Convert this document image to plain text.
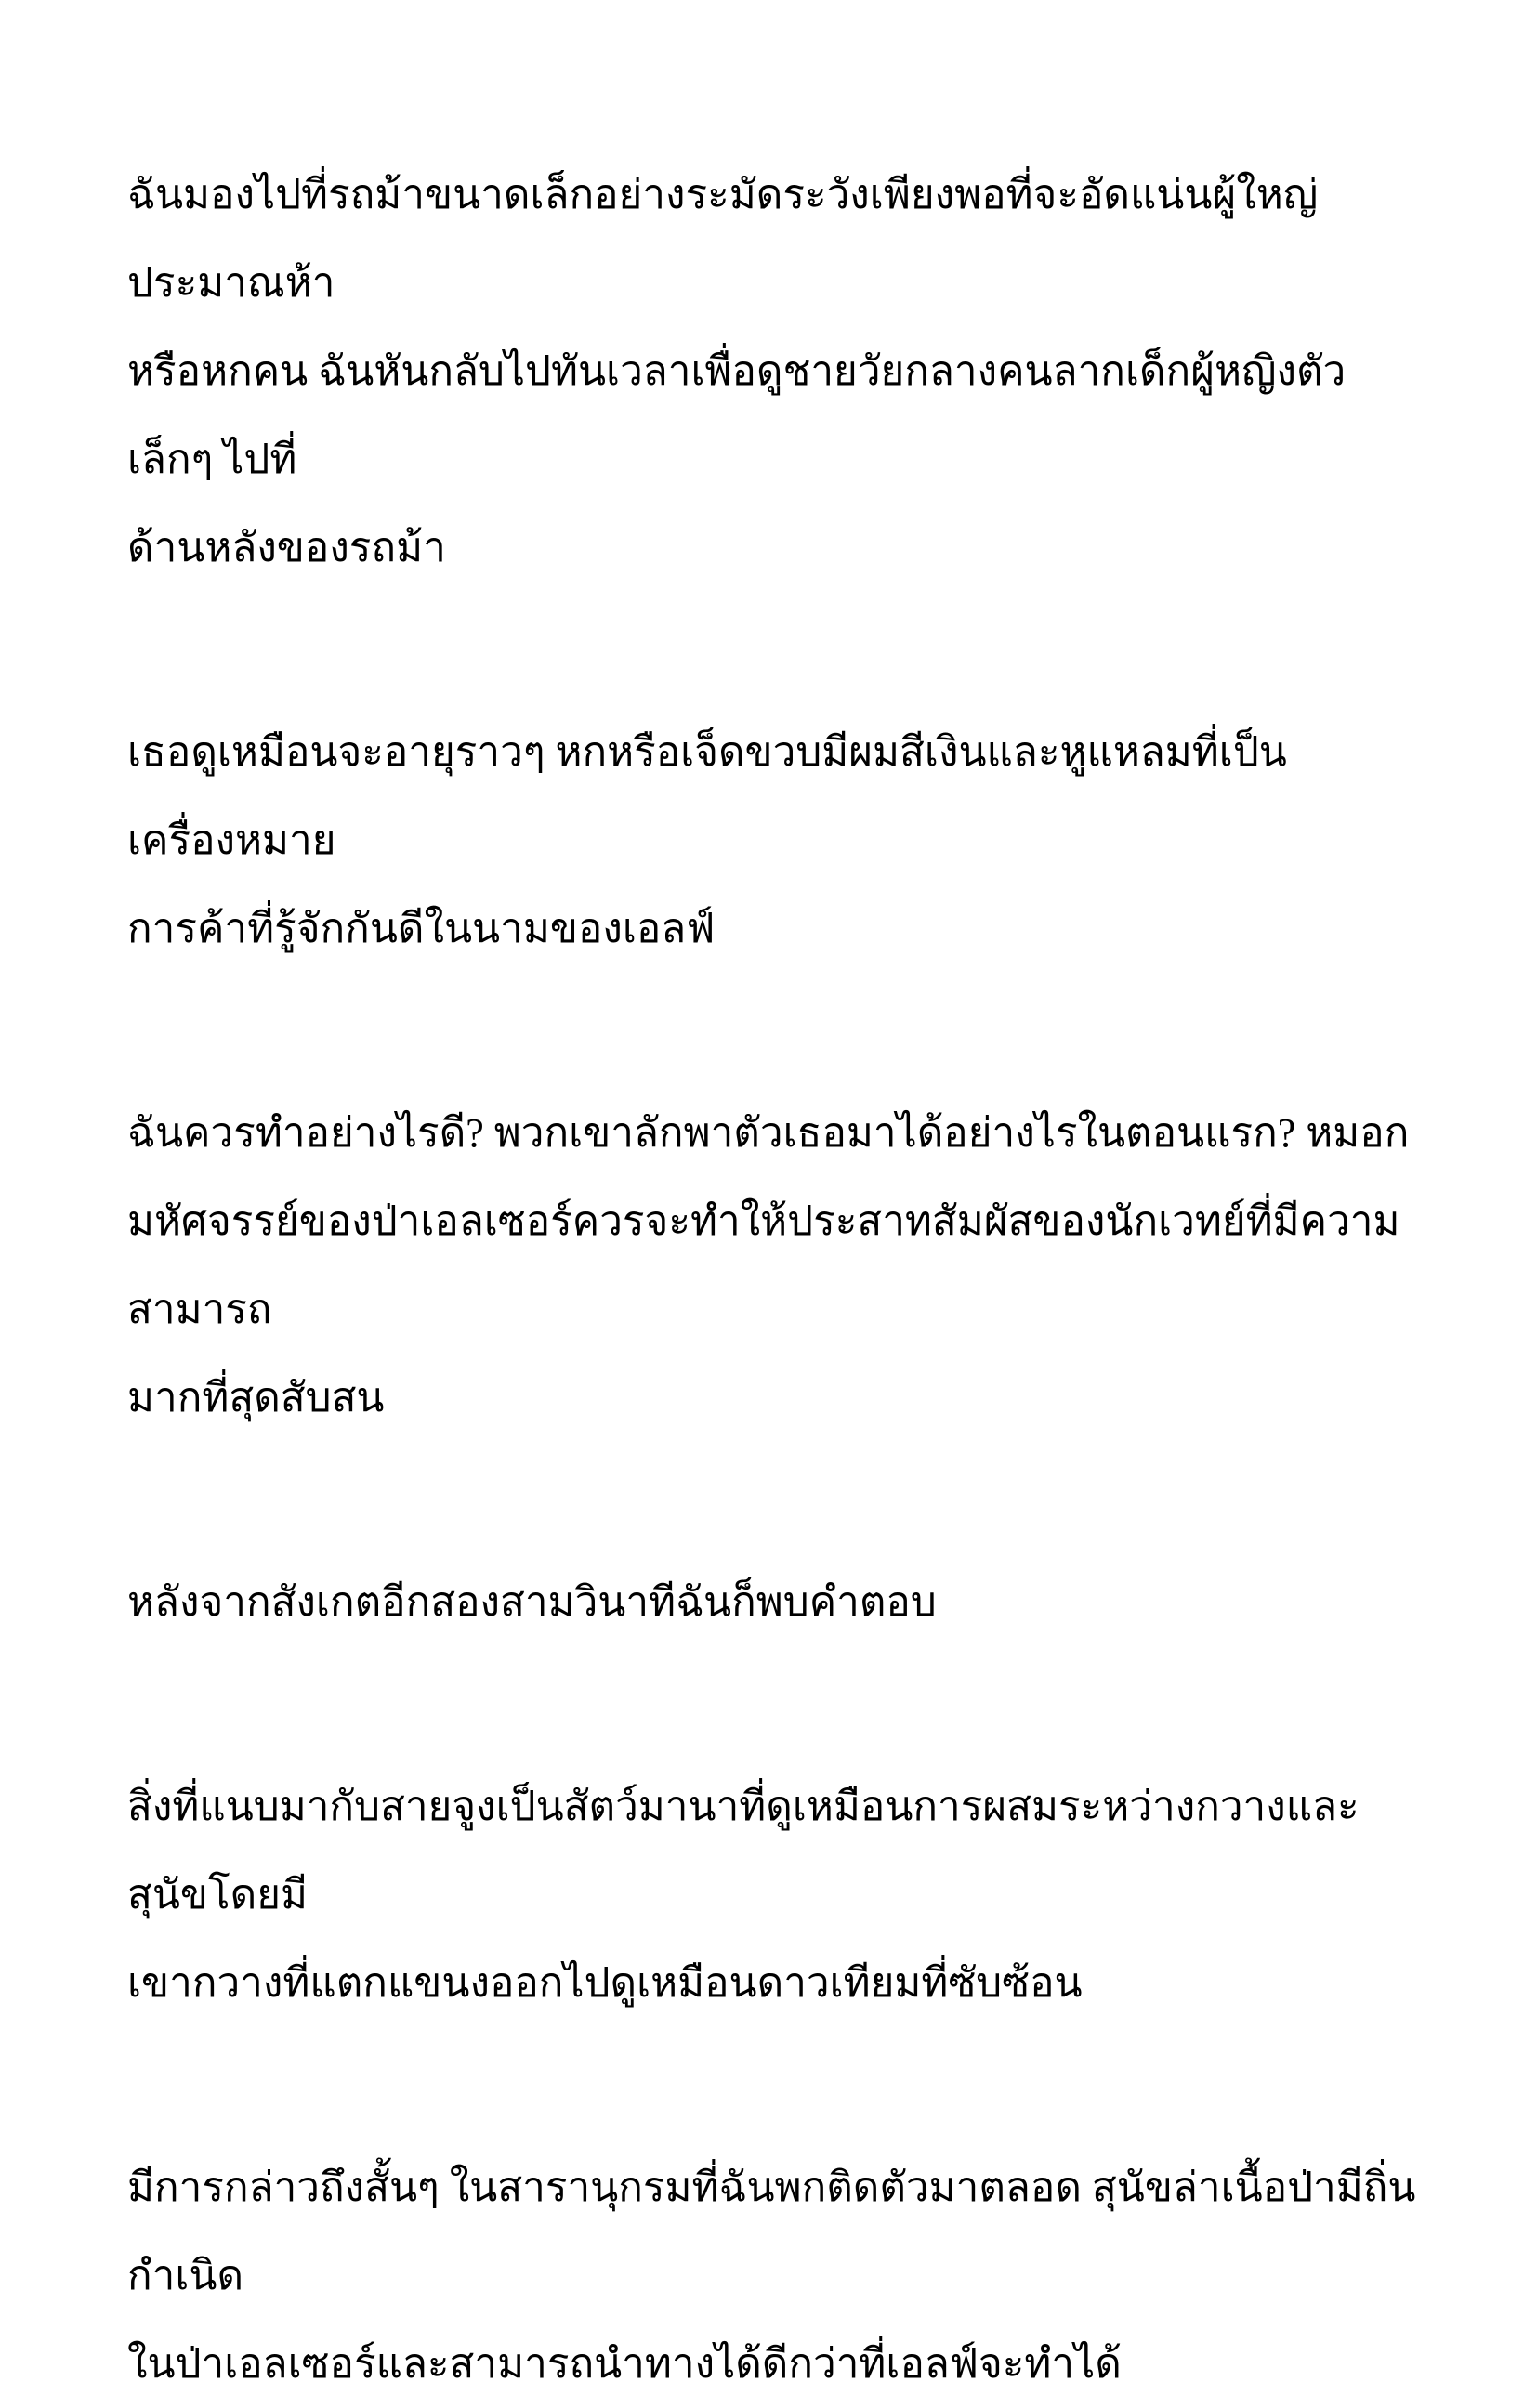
ฉันมองไปที่รถม้าขนาดเล็กอย่างระมัดระวังเพียงพอที่จะอัดแน่นผู้ใหญ่ประมาณห้า
หรือหกคน ฉันหันกลับไปทันเวลาเพื่อดูชายวัยกลางคนลากเด็กผู้หญิงตัวเล็กๆ ไปที่
ด้านหลังของรถม้า
เธอดูเหมือนจะอายุราวๆ หกหรือเจ็ดขวบมีผมสีเงินและหูแหลมที่เป็นเครื่องหมาย
การค้าที่รู้จักกันดีในนามของเอลฟ์
ฉันควรทำอย่างไรดี? พวกเขาลักพาตัวเธอมาได้อย่างไรในตอนแรก? หมอก
มหัศจรรย์ของป่าเอลเซอร์ควรจะทำให้ประสาทสัมผัสของนักเวทย์ที่มีความสามารถ
มากที่สุดสับสน
หลังจากสังเกตอีกสองสามวินาทีฉันก็พบคำตอบ
สิ่งที่แนบมากับสายจูงเป็นสัตว์มานาที่ดูเหมือนการผสมระหว่างกวางและสุนัขโดยมี
เขากวางที่แตกแขนงออกไปดูเหมือนดาวเทียมที่ซับซ้อน
มีการกล่าวถึงสั้นๆ ในสารานุกรมที่ฉันพกติดตัวมาตลอด สุนัขล่าเนื้อป่ามีถิ่นกำเนิด
ในป่าเอลเซอร์และสามารถนำทางได้ดีกว่าที่เอลฟ์จะทำได้
